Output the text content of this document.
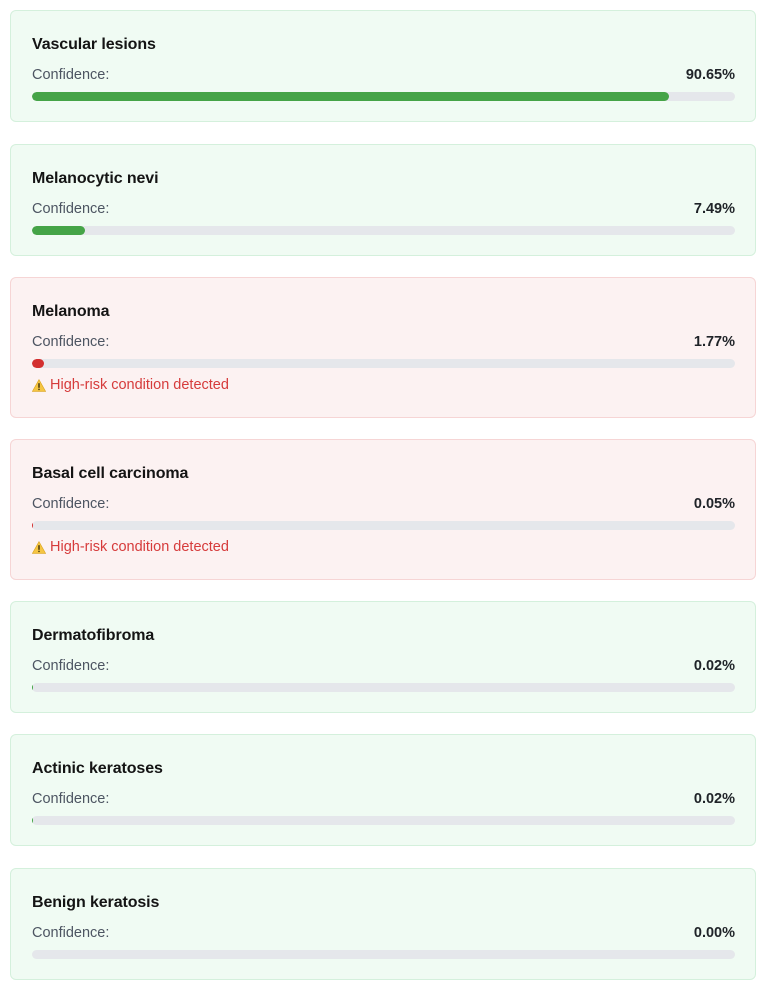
Vascular lesions
Confidence:	90.65%
Melanocytic nevi
Confidence:	7.49%
Melanoma
Confidence:	1.77%
High-risk condition detected
Basal cell carcinoma
Confidence:	0.05%
High-risk condition detected
Dermatofibroma
Confidence:	0.02%
Actinic keratoses
Confidence:	0.02%
Benign keratosis
Confidence:	0.00%
